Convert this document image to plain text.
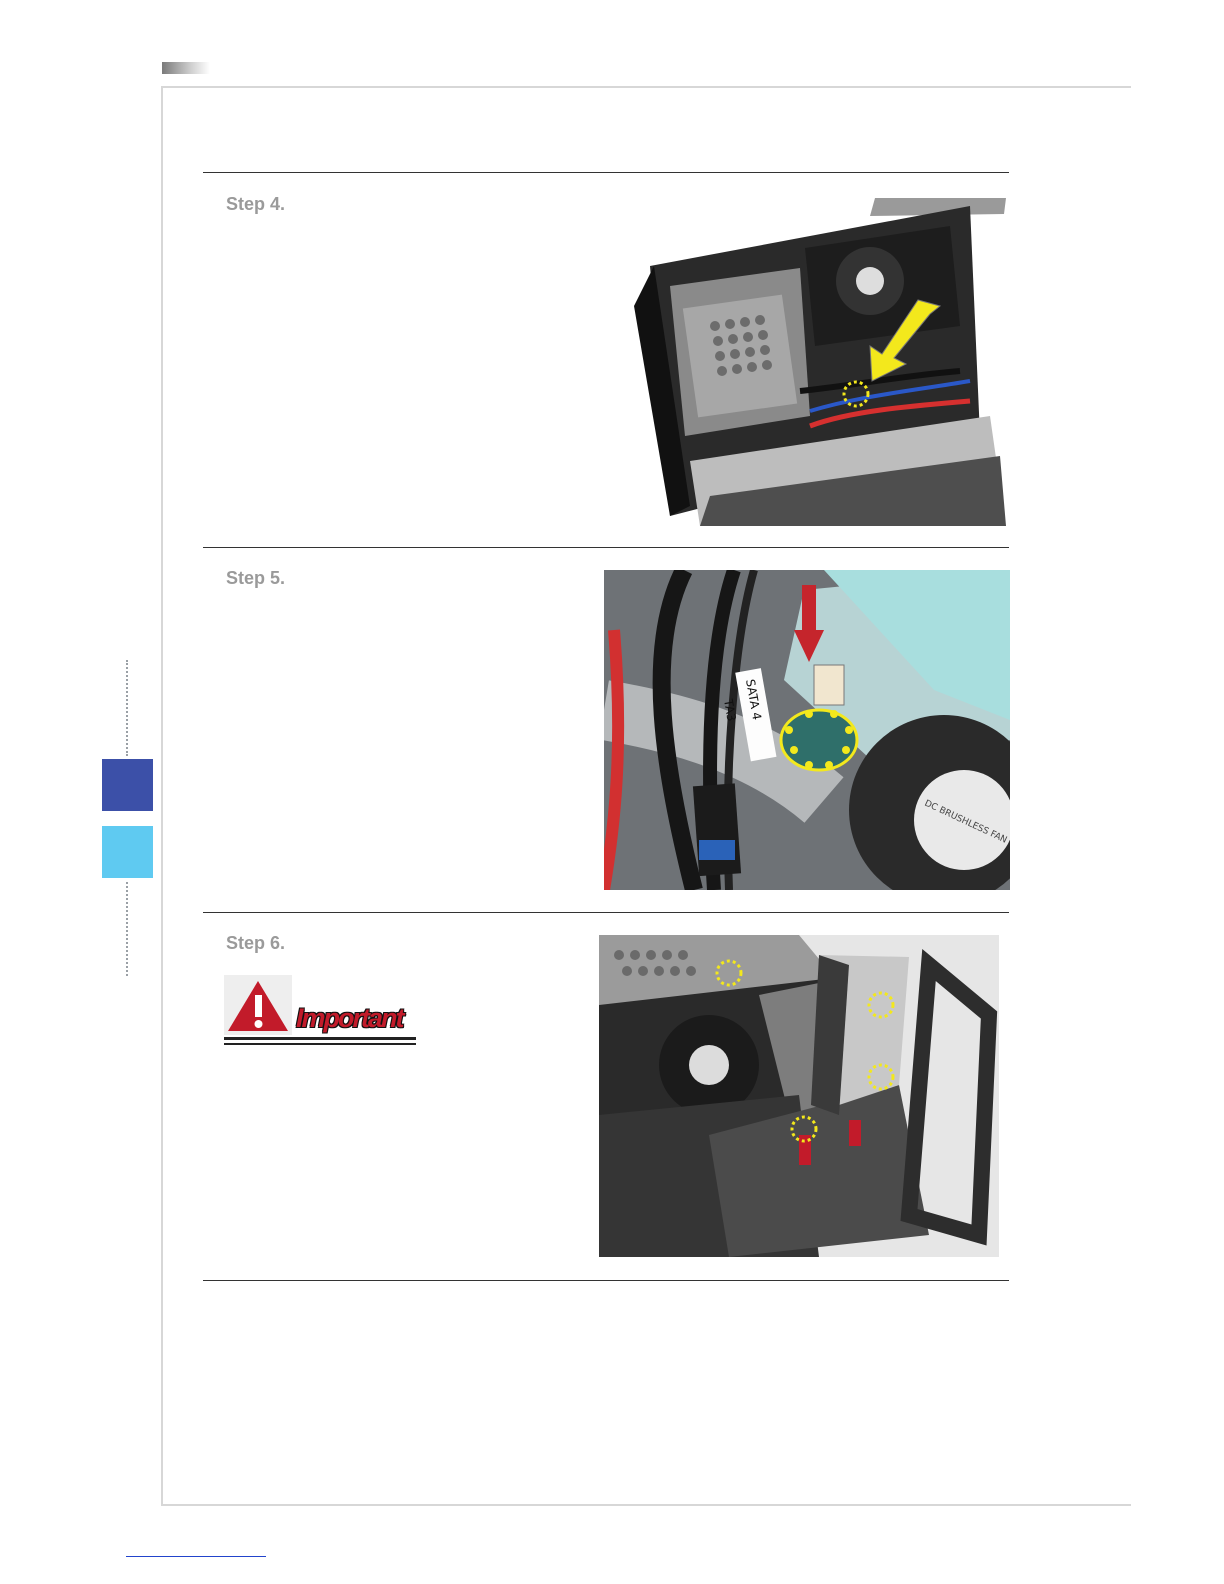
Step 4.
Step 5.
Step 6.
DC BRUSHLESS FAN
SATA 4
TA3
Important
